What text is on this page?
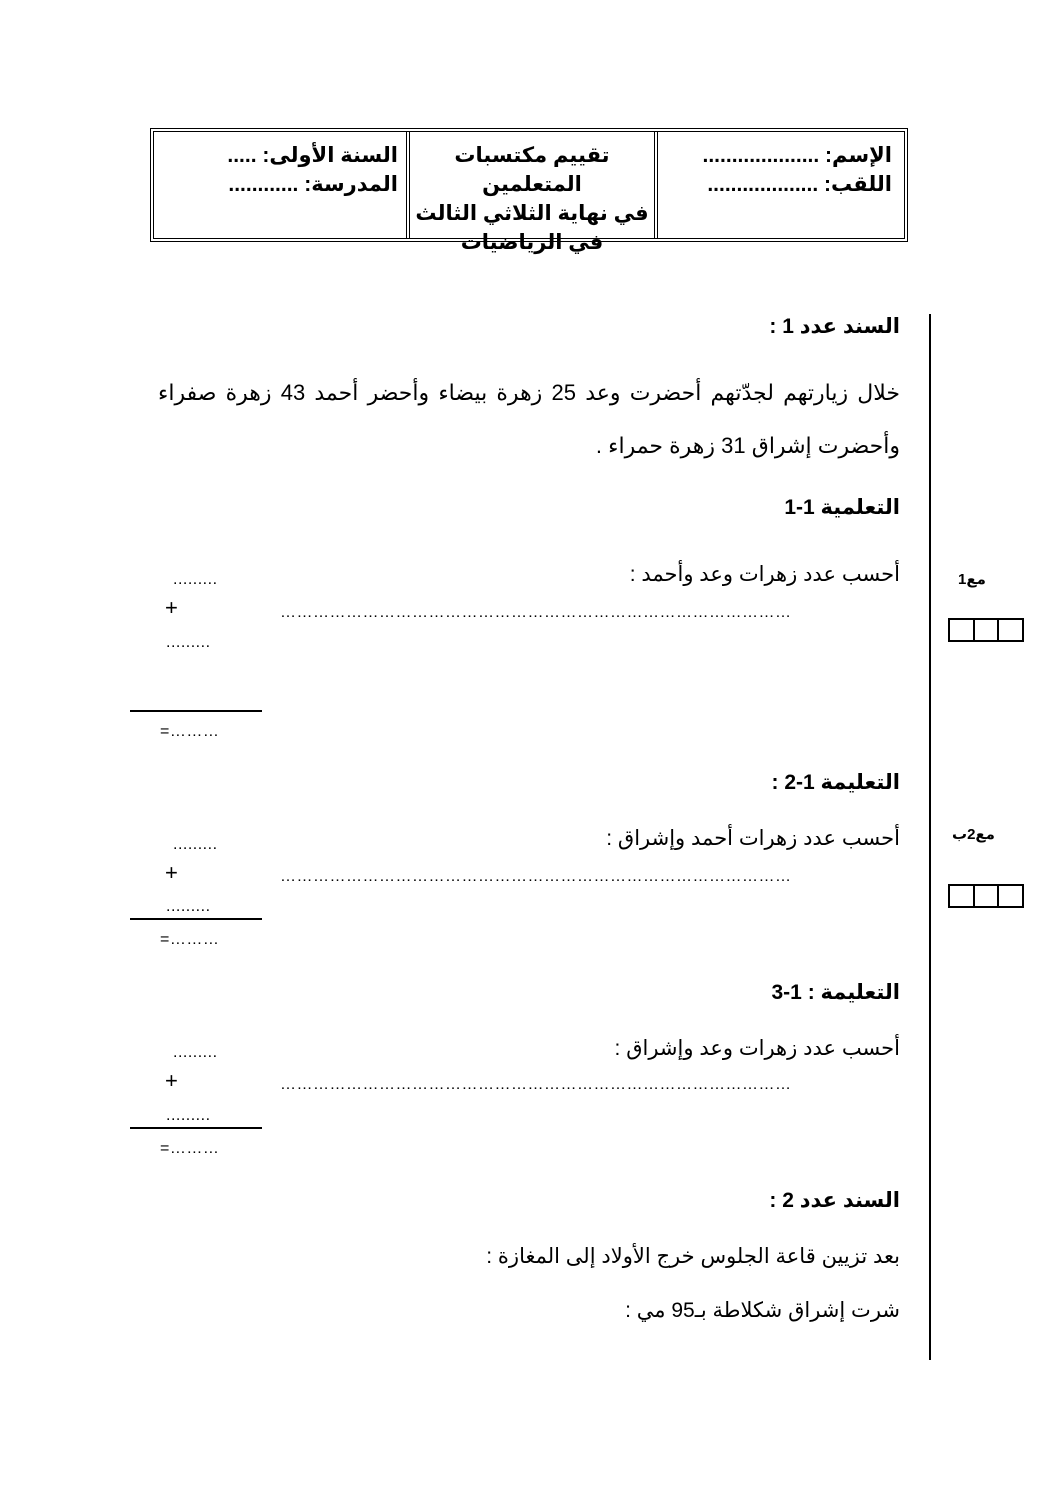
الإسم: ....................
اللقب: ...................
تقييم مكتسبات المتعلمين
في نهاية الثلاثي الثالث
في الرياضيات
السنة الأولى: .....
المدرسة: ............
السند عدد 1 :
خلال زيارتهم لجدّتهم أحضرت وعد 25 زهرة بيضاء وأحضر أحمد 43 زهرة صفراء وأحضرت إشراق 31 زهرة حمراء .
التعلمية 1-1
أحسب عدد زهرات وعد وأحمد :
…………………………………………………………………………………
.........
+
.........
=………
مع1
التعليمة 1-2 :
أحسب عدد زهرات أحمد وإشراق :
…………………………………………………………………………………
.........
+
.........
=………
مع2ب
التعليمة : 1-3
أحسب عدد زهرات وعد وإشراق :
…………………………………………………………………………………
.........
+
.........
=………
السند عدد 2 :
بعد تزيين قاعة الجلوس خرج الأولاد إلى المغازة :
شرت إشراق شكلاطة بـ95 مي :
